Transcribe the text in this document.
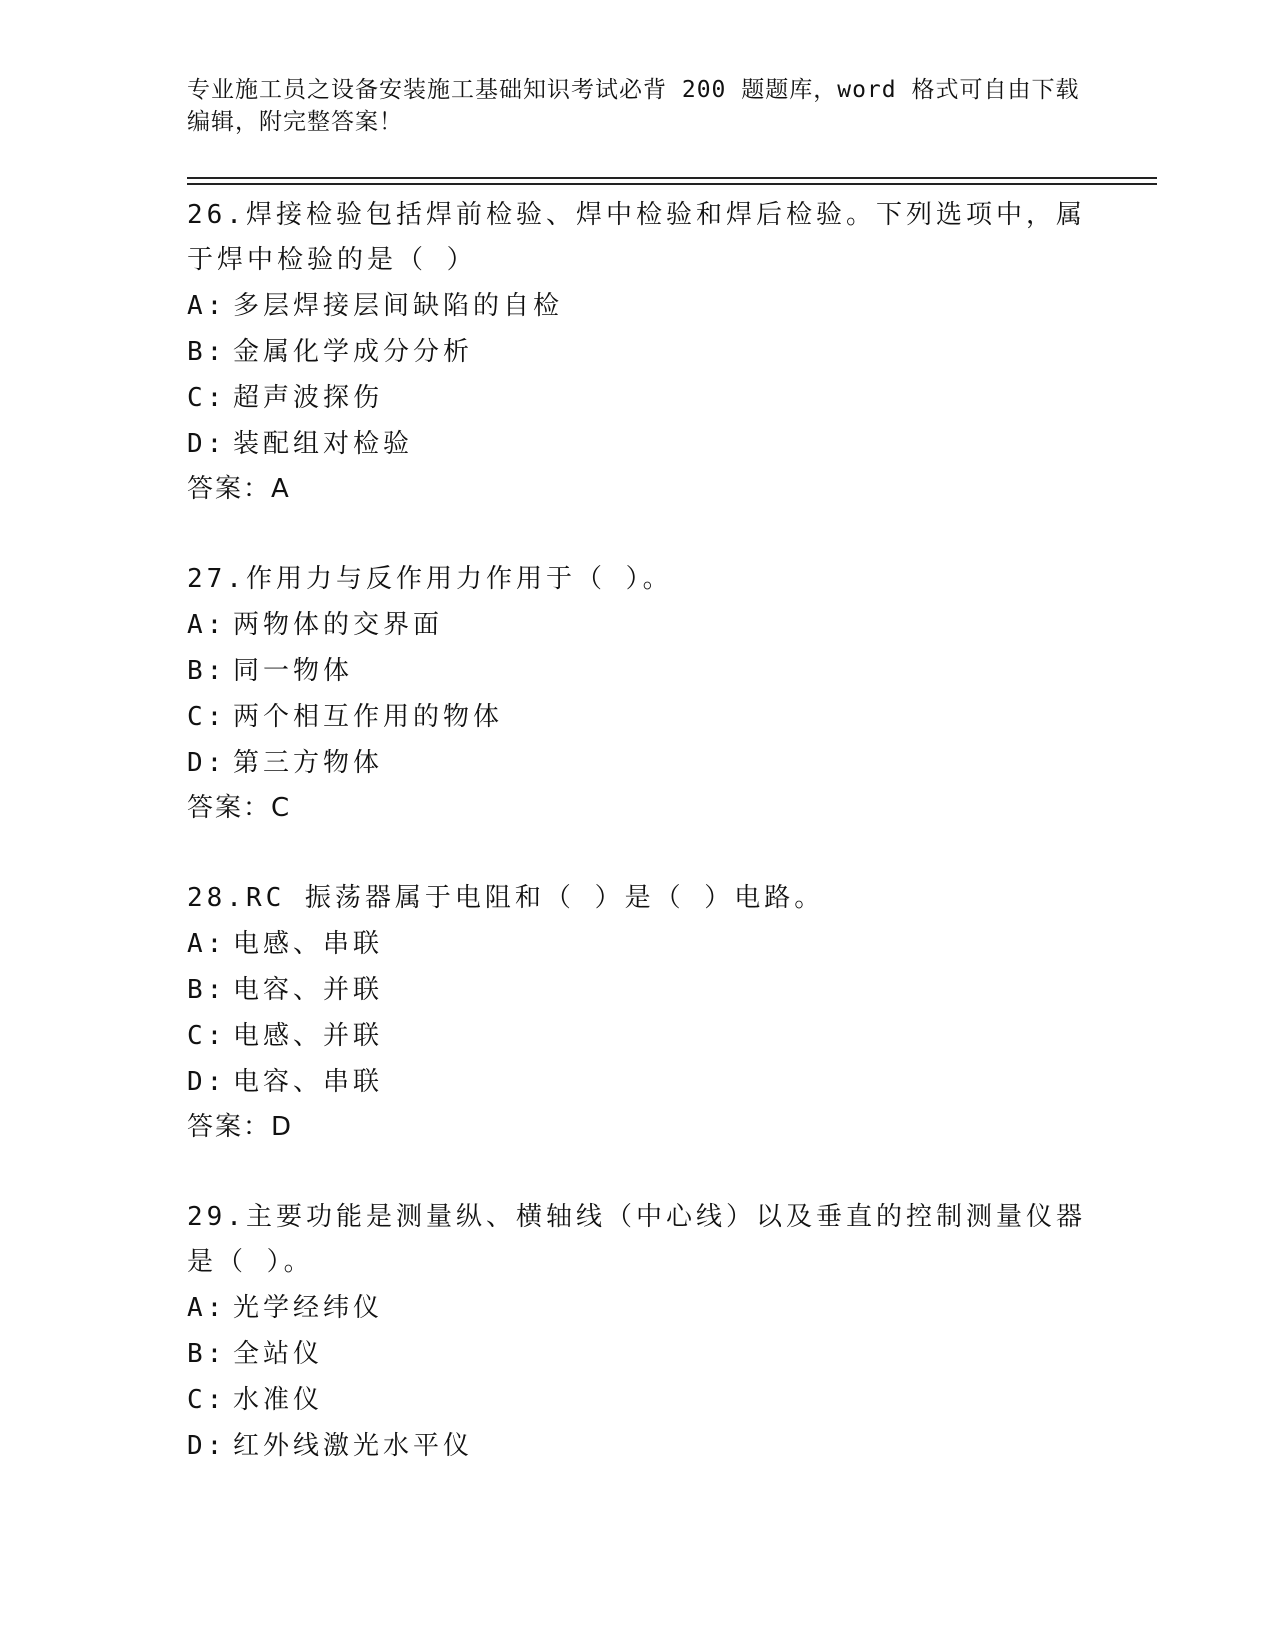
专业施工员之设备安装施工基础知识考试必背 200 题题库，word 格式可自由下载编辑，附完整答案！
26.焊接检验包括焊前检验、焊中检验和焊后检验。下列选项中，属于焊中检验的是（ ）
A: 多层焊接层间缺陷的自检
B: 金属化学成分分析
C: 超声波探伤
D: 装配组对检验
答案：A
27.作用力与反作用力作用于（ ）。
A: 两物体的交界面
B: 同一物体
C: 两个相互作用的物体
D: 第三方物体
答案：C
28.RC 振荡器属于电阻和（ ）是（ ）电路。
A: 电感、串联
B: 电容、并联
C: 电感、并联
D: 电容、串联
答案：D
29.主要功能是测量纵、横轴线（中心线）以及垂直的控制测量仪器是（ ）。
A: 光学经纬仪
B: 全站仪
C: 水准仪
D: 红外线激光水平仪
